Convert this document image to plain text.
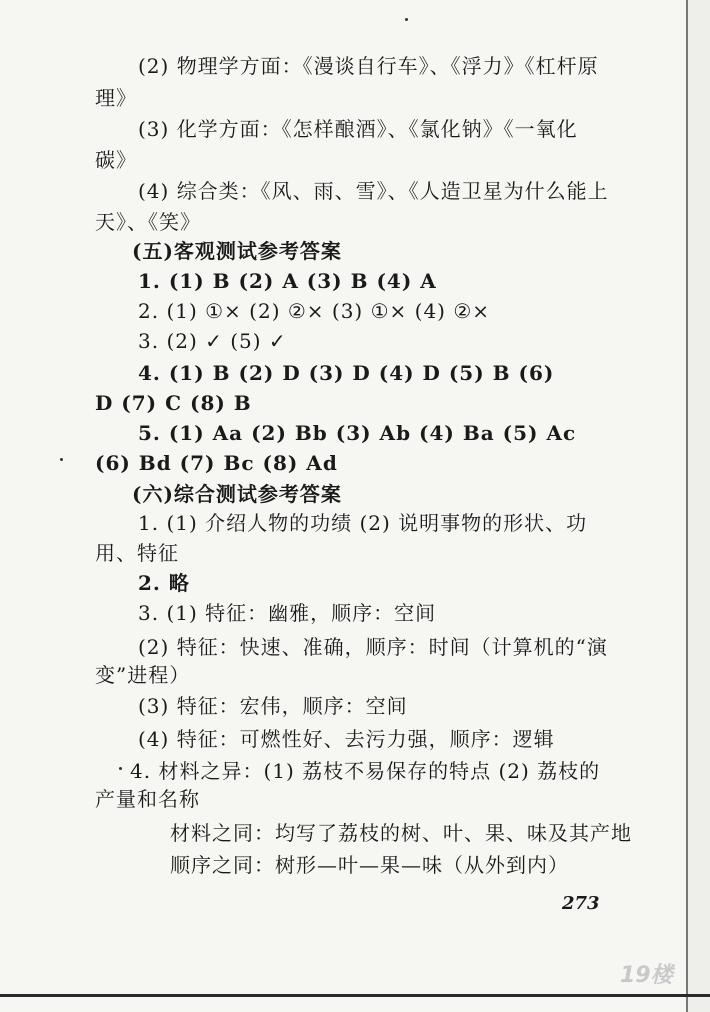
(2) 物理学方面：《漫谈自行车》、《浮力》《杠杆原
理》
(3) 化学方面：《怎样酿酒》、《氯化钠》《一氧化
碳》
(4) 综合类：《风、雨、雪》、《人造卫星为什么能上
天》、《笑》
(五)客观测试参考答案
1. (1) B (2) A (3) B (4) A
2. (1) ①× (2) ②× (3) ①× (4) ②×
3. (2) ✓ (5) ✓
4. (1) B (2) D (3) D (4) D (5) B (6)
D (7) C (8) B
5. (1) Aa (2) Bb (3) Ab (4) Ba (5) Ac
(6) Bd (7) Bc (8) Ad
(六)综合测试参考答案
1. (1) 介绍人物的功绩 (2) 说明事物的形状、功
用、特征
2. 略
3. (1) 特征：幽雅，顺序：空间
(2) 特征：快速、准确，顺序：时间（计算机的“演
变”进程）
(3) 特征：宏伟，顺序：空间
(4) 特征：可燃性好、去污力强，顺序：逻辑
4. 材料之异：(1) 荔枝不易保存的特点 (2) 荔枝的
产量和名称
材料之同：均写了荔枝的树、叶、果、味及其产地
顺序之同：树形—叶—果—味（从外到内）
273
19楼
